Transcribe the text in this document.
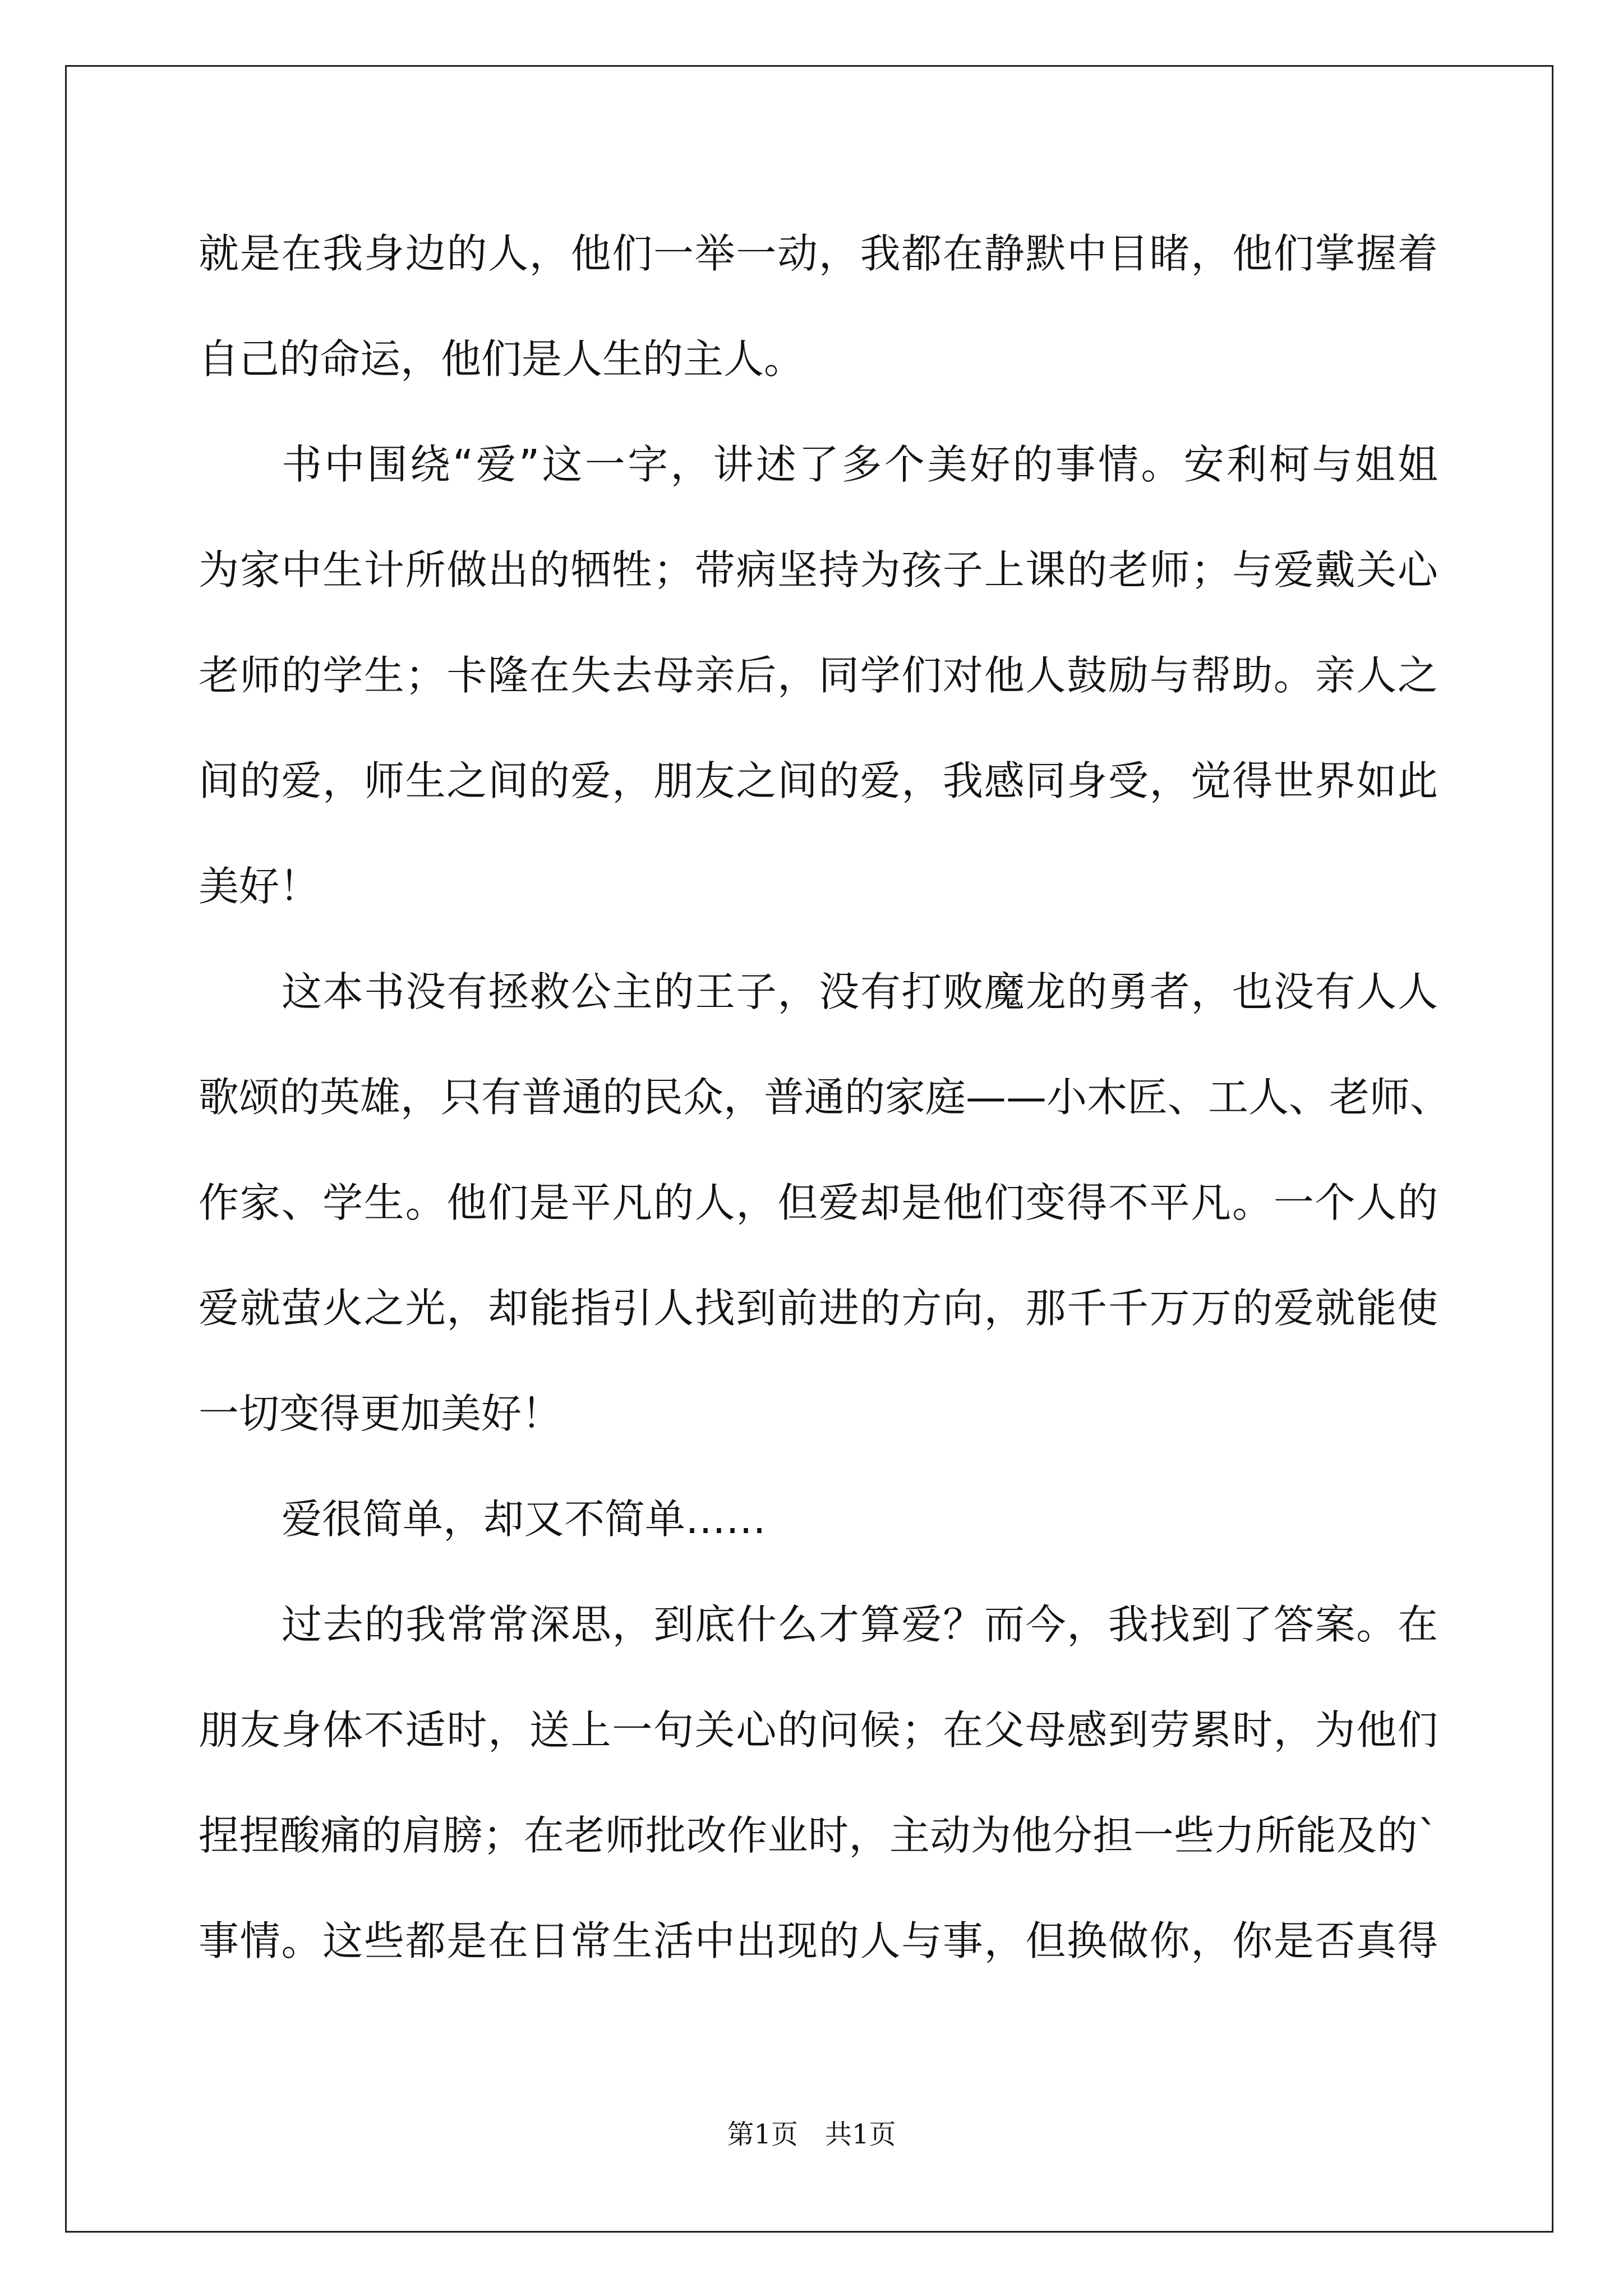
就是在我身边的人，他们一举一动，我都在静默中目睹，他们掌握着
自己的命运，他们是人生的主人。
书中围绕“爱”这一字，讲述了多个美好的事情。安利柯与姐姐
为家中生计所做出的牺牲；带病坚持为孩子上课的老师；与爱戴关心
老师的学生；卡隆在失去母亲后，同学们对他人鼓励与帮助。亲人之
间的爱，师生之间的爱，朋友之间的爱，我感同身受，觉得世界如此
美好！
这本书没有拯救公主的王子，没有打败魔龙的勇者，也没有人人
歌颂的英雄，只有普通的民众，普通的家庭——小木匠、工人、老师、
作家、学生。他们是平凡的人，但爱却是他们变得不平凡。一个人的
爱就萤火之光，却能指引人找到前进的方向，那千千万万的爱就能使
一切变得更加美好！
爱很简单，却又不简单……
过去的我常常深思，到底什么才算爱？而今，我找到了答案。在
朋友身体不适时，送上一句关心的问候；在父母感到劳累时，为他们
捏捏酸痛的肩膀；在老师批改作业时，主动为他分担一些力所能及的`
事情。这些都是在日常生活中出现的人与事，但换做你，你是否真得
第1页 共1页
